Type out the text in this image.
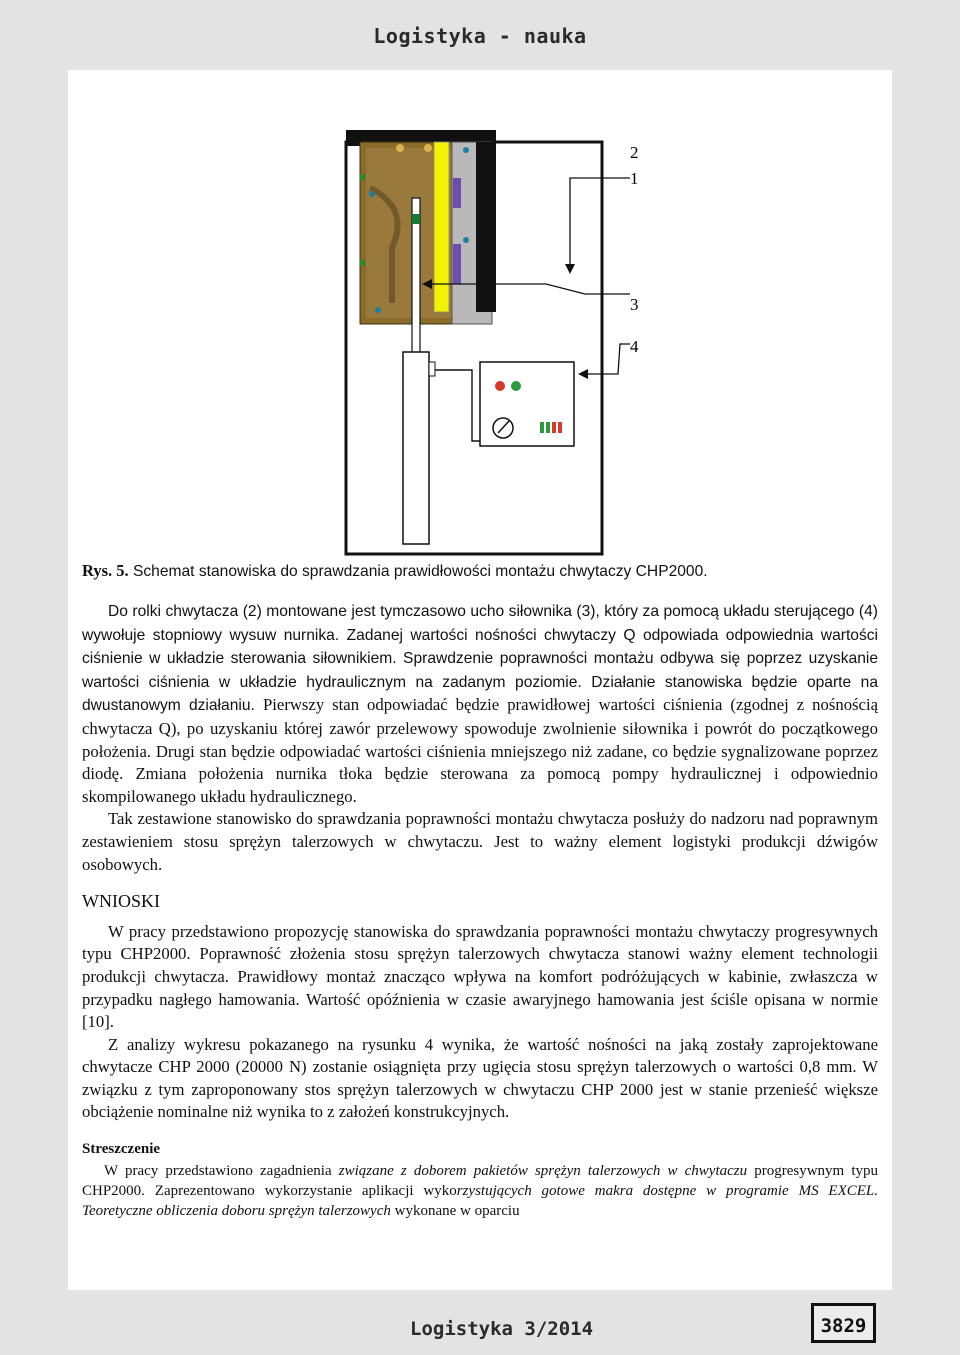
Logistyka - nauka
2
1
3
4
Rys. 5. Schemat stanowiska do sprawdzania prawidłowości montażu chwytaczy CHP2000.

Do rolki chwytacza (2) montowane jest tymczasowo ucho siłownika (3), który za pomocą układu sterującego (4) wywołuje stopniowy wysuw nurnika. Zadanej wartości nośności chwytaczy Q odpowiada odpowiednia wartości ciśnienie w układzie sterowania siłownikiem. Sprawdzenie poprawności montażu odbywa się poprzez uzyskanie wartości ciśnienia w układzie hydraulicznym na zadanym poziomie. Działanie stanowiska będzie oparte na dwustanowym działaniu. Pierwszy stan odpowiadać będzie prawidłowej wartości ciśnienia (zgodnej z nośnością chwytacza Q), po uzyskaniu której zawór przelewowy spowoduje zwolnienie siłownika i powrót do początkowego położenia. Drugi stan będzie odpowiadać wartości ciśnienia mniejszego niż zadane, co będzie sygnalizowane poprzez diodę. Zmiana położenia nurnika tłoka będzie sterowana za pomocą pompy hydraulicznej i odpowiednio skompilowanego układu hydraulicznego.

Tak zestawione stanowisko do sprawdzania poprawności montażu chwytacza posłuży do nadzoru nad poprawnym zestawieniem stosu sprężyn talerzowych w chwytaczu. Jest to ważny element logistyki produkcji dźwigów osobowych.

WNIOSKI

W pracy przedstawiono propozycję stanowiska do sprawdzania poprawności montażu chwytaczy progresywnych typu CHP2000. Poprawność złożenia stosu sprężyn talerzowych chwytacza stanowi ważny element technologii produkcji chwytacza. Prawidłowy montaż znacząco wpływa na komfort podróżujących w kabinie, zwłaszcza w przypadku nagłego hamowania. Wartość opóźnienia w czasie awaryjnego hamowania jest ściśle opisana w normie [10].

Z analizy wykresu pokazanego na rysunku 4 wynika, że wartość nośności na jaką zostały zaprojektowane chwytacze CHP 2000 (20000 N) zostanie osiągnięta przy ugięcia stosu sprężyn talerzowych o wartości 0,8 mm. W związku z tym zaproponowany stos sprężyn talerzowych w chwytaczu CHP 2000 jest w stanie przenieść większe obciążenie nominalne niż wynika to z założeń konstrukcyjnych.

Streszczenie
W pracy przedstawiono zagadnienia związane z doborem pakietów sprężyn talerzowych w chwytaczu progresywnym typu CHP2000. Zaprezentowano wykorzystanie aplikacji wykorzystujących gotowe makra dostępne w programie MS EXCEL. Teoretyczne obliczenia doboru sprężyn talerzowych wykonane w oparciu
Logistyka 3/2014	3829
